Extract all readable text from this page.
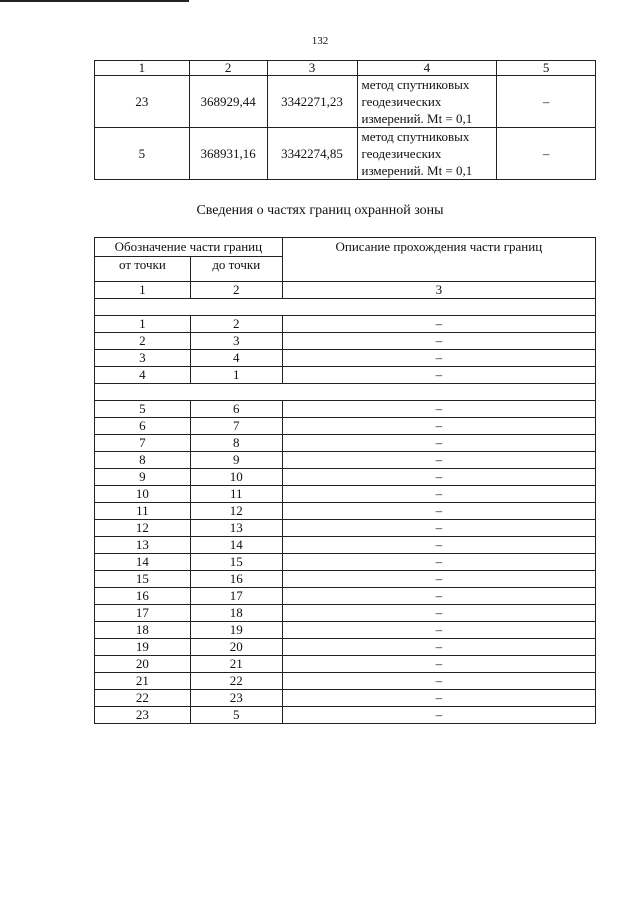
132
1	2	3	4	5
23	368929,44	3342271,23	метод спутниковых
геодезических
измерений. Mt = 0,1	–
5	368931,16	3342274,85	метод спутниковых
геодезических
измерений. Mt = 0,1	–
Сведения о частях границ охранной зоны
Обозначение части границ		Описание прохождения части границ
от точки	до точки	
1	2	3

1	2	–
2	3	–
3	4	–
4	1	–

5	6	–
6	7	–
7	8	–
8	9	–
9	10	–
10	11	–
11	12	–
12	13	–
13	14	–
14	15	–
15	16	–
16	17	–
17	18	–
18	19	–
19	20	–
20	21	–
21	22	–
22	23	–
23	5	–
